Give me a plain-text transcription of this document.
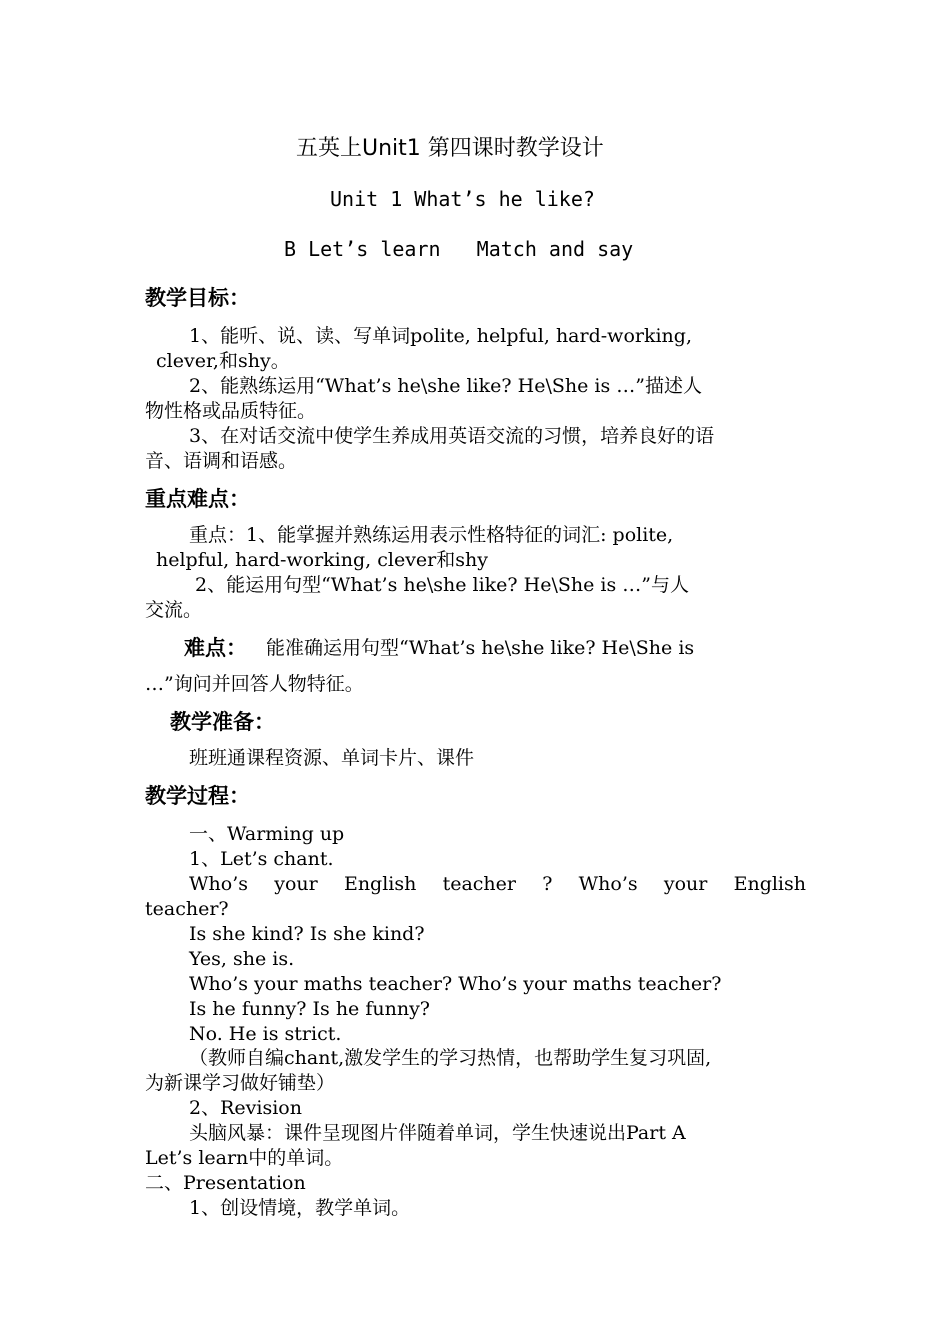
五英上Unit1 第四课时教学设计
Unit 1 What’s he like?
B Let’s learn   Match and say
教学目标：
1、能听、说、读、写单词polite, helpful, hard-working,
clever,和shy。
2、能熟练运用“What’s he\she like? He\She is …”描述人
物性格或品质特征。
3、在对话交流中使学生养成用英语交流的习惯，培养良好的语
音、语调和语感。
重点难点：
重点：1、能掌握并熟练运用表示性格特征的词汇: polite,
helpful, hard-working, clever和shy
2、能运用句型“What’s he\she like? He\She is …”与人
交流。
难点： 能准确运用句型“What’s he\she like? He\She is
…”询问并回答人物特征。
教学准备：
班班通课程资源、单词卡片、课件
教学过程：
一、Warming up
1、Let’s chant.
Who’s your English teacher ? Who’s your English
teacher?
Is she kind? Is she kind?
Yes, she is.
Who’s your maths teacher? Who’s your maths teacher?
Is he funny? Is he funny?
No. He is strict.
（教师自编chant,激发学生的学习热情，也帮助学生复习巩固,
为新课学习做好铺垫）
2、Revision
头脑风暴：课件呈现图片伴随着单词，学生快速说出Part A
Let’s learn中的单词。
二、Presentation
1、创设情境，教学单词。
